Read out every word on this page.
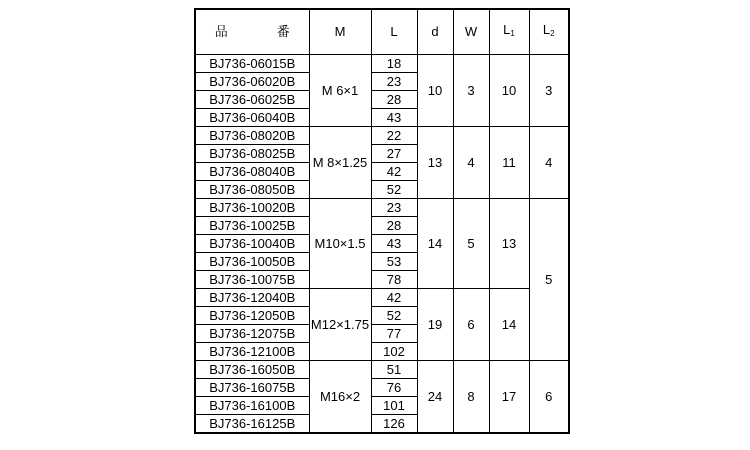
品　番	M	L	d	W	$L_1$	$L_2$
BJ736-06015B	M 6×1	18	10	3	10	3
BJ736-06020B		23				
BJ736-06025B		28				
BJ736-06040B		43				
BJ736-08020B	M 8×1.25	22	13	4	11	4
BJ736-08025B		27				
BJ736-08040B		42				
BJ736-08050B		52				
BJ736-10020B	M10×1.5	23	14	5	13	5
BJ736-10025B		28				
BJ736-10040B		43				
BJ736-10050B		53				
BJ736-10075B		78				
BJ736-12040B	M12×1.75	42	19	6	14	
BJ736-12050B		52				
BJ736-12075B		77				
BJ736-12100B		102				
BJ736-16050B	M16×2	51	24	8	17	6
BJ736-16075B		76				
BJ736-16100B		101				
BJ736-16125B		126				
